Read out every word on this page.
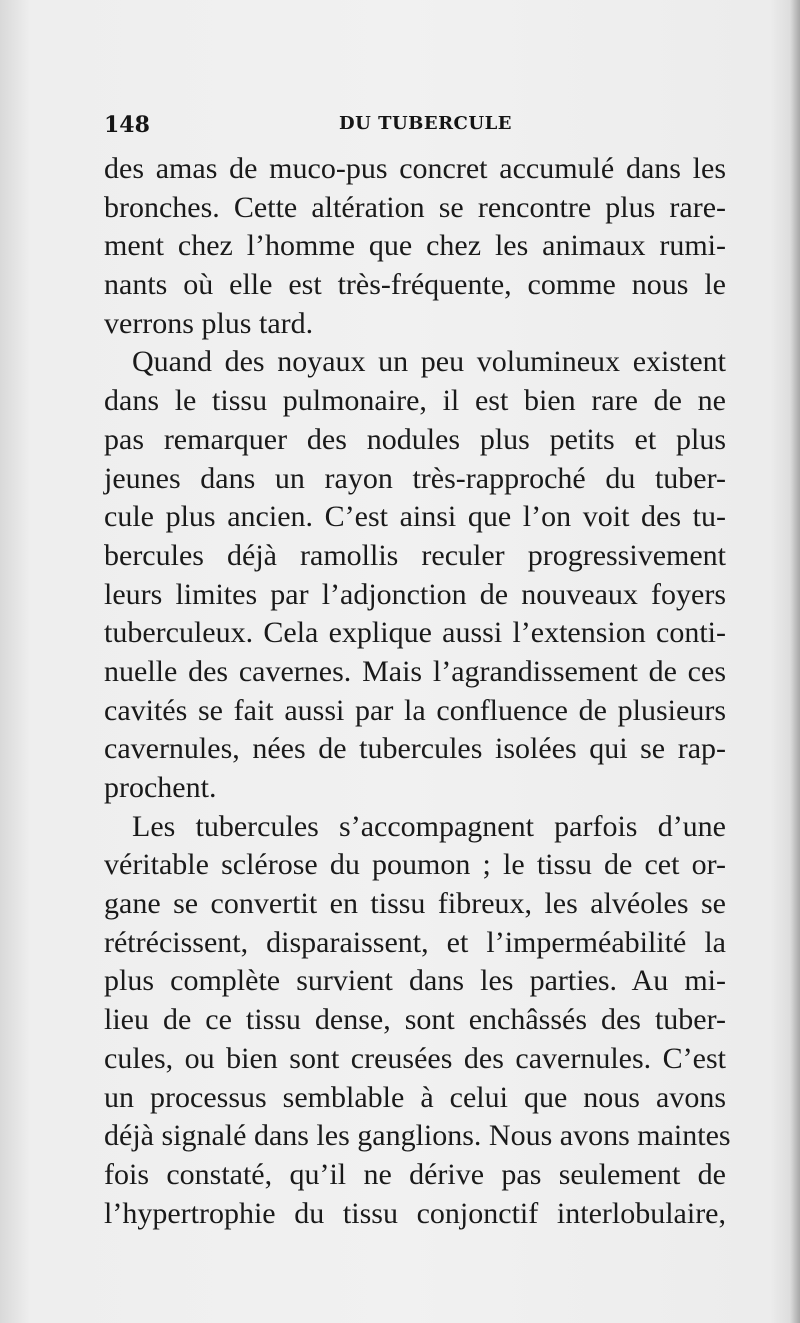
148	DU TUBERCULE
des amas de muco-pus concret accumulé dans les
bronches. Cette altération se rencontre plus rare-
ment chez l’homme que chez les animaux rumi-
nants où elle est très-fréquente, comme nous le
verrons plus tard.
Quand des noyaux un peu volumineux existent
dans le tissu pulmonaire, il est bien rare de ne
pas remarquer des nodules plus petits et plus
jeunes dans un rayon très-rapproché du tuber-
cule plus ancien. C’est ainsi que l’on voit des tu-
bercules déjà ramollis reculer progressivement
leurs limites par l’adjonction de nouveaux foyers
tuberculeux. Cela explique aussi l’extension conti-
nuelle des cavernes. Mais l’agrandissement de ces
cavités se fait aussi par la confluence de plusieurs
cavernules, nées de tubercules isolées qui se rap-
prochent.
Les tubercules s’accompagnent parfois d’une
véritable sclérose du poumon ; le tissu de cet or-
gane se convertit en tissu fibreux, les alvéoles se
rétrécissent, disparaissent, et l’imperméabilité la
plus complète survient dans les parties. Au mi-
lieu de ce tissu dense, sont enchâssés des tuber-
cules, ou bien sont creusées des cavernules. C’est
un processus semblable à celui que nous avons
déjà signalé dans les ganglions. Nous avons maintes
fois constaté, qu’il ne dérive pas seulement de
l’hypertrophie du tissu conjonctif interlobulaire,
